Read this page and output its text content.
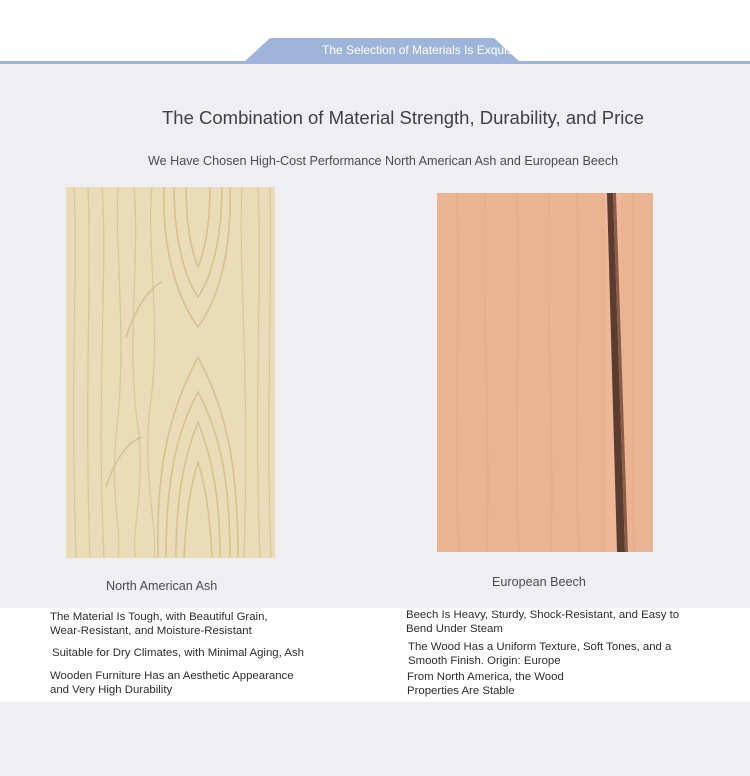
The Selection of Materials Is Exquisite
The Combination of Material Strength, Durability, and Price
We Have Chosen High-Cost Performance North American Ash and European Beech
North American Ash	European Beech
The Material Is Tough, with Beautiful Grain,
Wear-Resistant, and Moisture-Resistant
Suitable for Dry Climates, with Minimal Aging, Ash
Wooden Furniture Has an Aesthetic Appearance
and Very High Durability
Beech Is Heavy, Sturdy, Shock-Resistant, and Easy to
Bend Under Steam
The Wood Has a Uniform Texture, Soft Tones, and a
Smooth Finish. Origin: Europe
From North America, the Wood
Properties Are Stable
